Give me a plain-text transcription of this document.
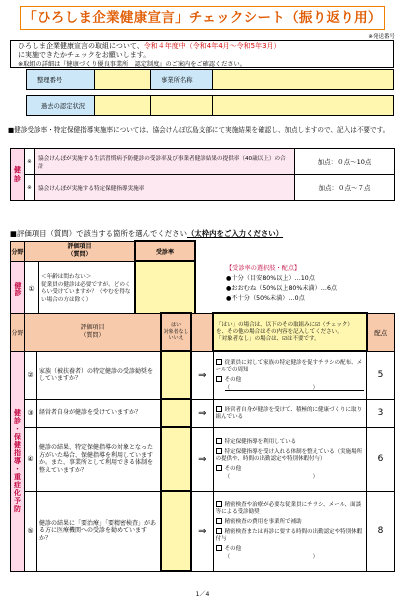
「ひろしま企業健康宣言」チェックシート（振り返り用）
※発送番号
ひろしま企業健康宣言の取組について、令和４年度中（令和4年4月～令和5年3月）
に実施できたかチェックをお願いします。
※取組の詳細は『健康づくり優良事業所　認定制度』のご案内をご確認ください。
整理番号		事業所名称	

過去の認定状況			
■健診受診率・特定保健指導実施率については、協会けんぽ広島支部にて実施結果を確認し、加点しますので、記入は不要です。
健診	※	協会けんぽが実施する生活習慣病予防健診の受診率及び事業者健診結果の提供率（40歳以上）の合計	加点：０点～10点
	※	協会けんぽが実施する特定保健指導実施率	加点：０点～７点
■評価項目（質問）で該当する箇所を選んでください（太枠内をご入力ください）
分野	評価項目
（質問）		受診率
健診	①	＜年齢は問わない＞
従業員の健診は必要ですが、どのくらい受けていますか？（やむを得ない場合の方は除く）	
【受診率の選択肢・配点】
●十分（目安80%以上）…10点
●おおむね（50%以上80%未満）…6点
●不十分（50%未満）…0点
分野	評価項目
（質問）		はい
対象者なし
いいえ		「はい」の場合は、以下のその取組みに☑（チェック）を、その他の場合はその内容を記入してください。
「対象者なし」の場合は、☑は不要です。	配点

健診・保健指導・重症化予防	②	家族（被扶養者）の特定健診の受診勧奨をしていますか？		⇒	従業員に対して家族の特定健診を促すチラシの配布、メールでの周知
その他
（　　　　　　　　　　　　　　　）	5
	③	経営者自身が健診を受けていますか？		⇒	経営者自身が健診を受けて、積極的に健康づくりに取り組んでいる	3
	④	健診の結果、特定保健指導の対象となった方がいた場合、保健指導を利用していますか。また、事業所として利用できる体制を整えていますか？		⇒	特定保健指導を利用している
特定保健指導を受け入れる体制を整えている（実施場所の提供や、時間の出勤認定や特別休暇付与）
その他
（　　　　　　　　　　　　　　　）	6
	⑤	健診の結果に「要治療」「要精密検査」がある方に医療機関への受診を勧めていますか？		⇒	精密検査や治療が必要な従業員にチラシ、メール、面談等による受診勧奨
精密検査の費用を事業所で補助
精密検査または再診に要する時間の出勤認定や特別休暇付与
その他
（　　　　　　　　　　　　　　　）	8
1／4
